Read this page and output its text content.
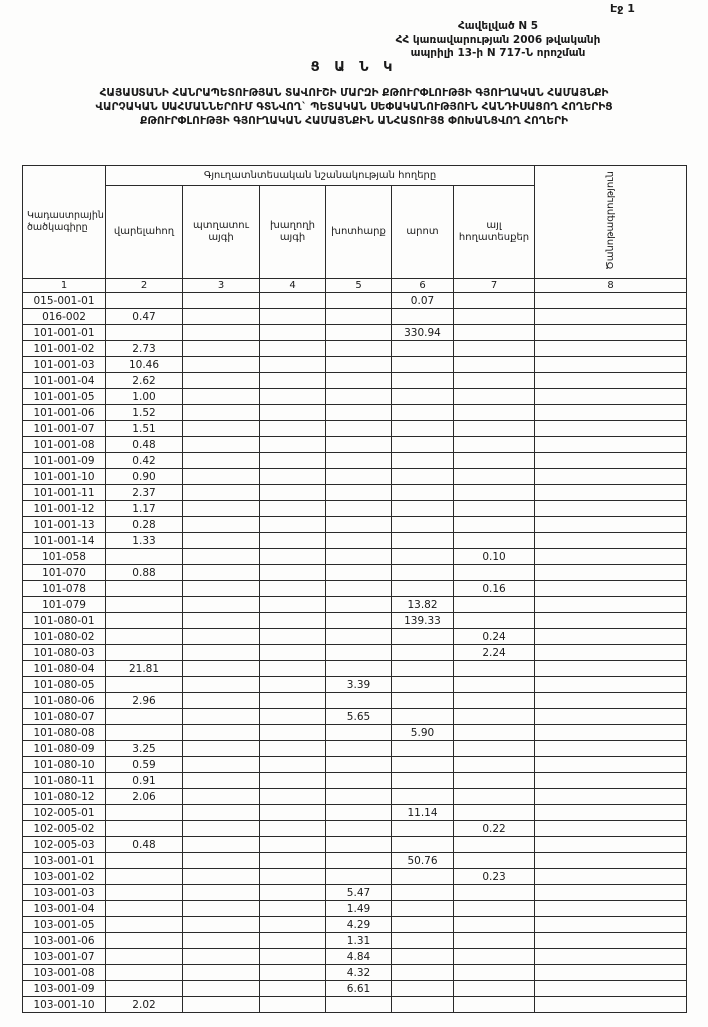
Էջ 1
Հավելված N 5
ՀՀ կառավարության 2006 թվականի
ապրիլի 13-ի N 717-Ն որոշման
Ց Ա Ն Կ
ՀԱՅԱՍՏԱՆԻ ՀԱՆՐԱՊԵՏՈՒԹՅԱՆ ՏԱՎՈՒՇԻ ՄԱՐԶԻ ՔԹՈՒՐՓԼՈՒԹՅԻ ԳՅՈՒՂԱԿԱՆ ՀԱՄԱՅՆՔԻ
ՎԱՐՉԱԿԱՆ ՍԱՀՄԱՆՆԵՐՈՒՄ ԳՏՆՎՈՂ` ՊԵՏԱԿԱՆ ՍԵՓԱԿԱՆՈՒԹՅՈՒՆ ՀԱՆԴԻՍԱՑՈՂ ՀՈՂԵՐԻՑ
ՔԹՈՒՐՓԼՈՒԹՅԻ ԳՅՈՒՂԱԿԱՆ ՀԱՄԱՅՆՔԻՆ ԱՆՀԱՏՈՒՅՑ ՓՈԽԱՆՑՎՈՂ ՀՈՂԵՐԻ
Կադաստրային ծածկագիրը	Գյուղատնտեսական նշանակության հողերը						Ծանոթագրություն
	վարելահող	պտղատու այգի	խաղողի այգի	խոտհարք	արոտ	այլ հողատեսքեր	
1	2	3	4	5	6	7	8
015-001-01					0.07		
016-002	0.47						
101-001-01					330.94		
101-001-02	2.73						
101-001-03	10.46						
101-001-04	2.62						
101-001-05	1.00						
101-001-06	1.52						
101-001-07	1.51						
101-001-08	0.48						
101-001-09	0.42						
101-001-10	0.90						
101-001-11	2.37						
101-001-12	1.17						
101-001-13	0.28						
101-001-14	1.33						
101-058						0.10	
101-070	0.88						
101-078						0.16	
101-079					13.82		
101-080-01					139.33		
101-080-02						0.24	
101-080-03						2.24	
101-080-04	21.81						
101-080-05				3.39			
101-080-06	2.96						
101-080-07				5.65			
101-080-08					5.90		
101-080-09	3.25						
101-080-10	0.59						
101-080-11	0.91						
101-080-12	2.06						
102-005-01					11.14		
102-005-02						0.22	
102-005-03	0.48						
103-001-01					50.76		
103-001-02						0.23	
103-001-03				5.47			
103-001-04				1.49			
103-001-05				4.29			
103-001-06				1.31			
103-001-07				4.84			
103-001-08				4.32			
103-001-09				6.61			
103-001-10	2.02						
